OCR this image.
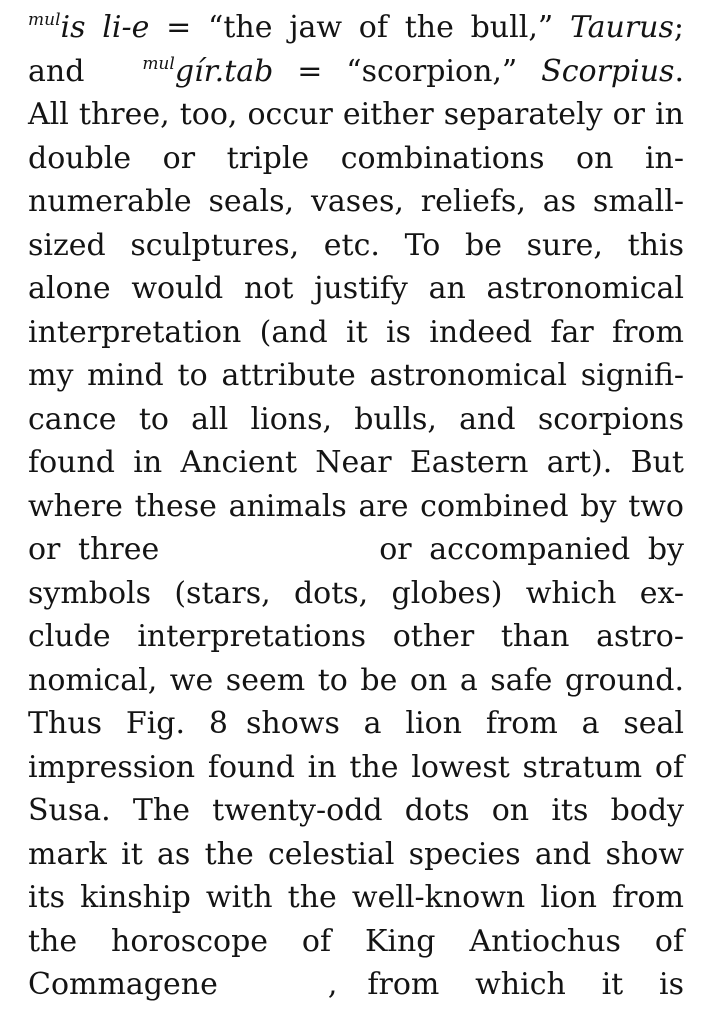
$^{mul}$is li-e = “the jaw of the bull,” Taurus;
and $^{mul}$gír.tab = “scorpion,” Scorpius.
All three, too, occur either separately or in
double or triple combinations on in-
numerable seals, vases, reliefs, as small-
sized sculptures, etc. To be sure, this
alone would not justify an astronomical
interpretation (and it is indeed far from
my mind to attribute astronomical signifi-
cance to all lions, bulls, and scorpions
found in Ancient Near Eastern art). But
where these animals are combined by two
or three	or accompanied by
symbols (stars, dots, globes) which ex-
clude interpretations other than astro-
nomical, we seem to be on a safe ground.
Thus Fig. 8 shows a lion from a seal
impression found in the lowest stratum of
Susa. The twenty-odd dots on its body
mark it as the celestial species and show
its kinship with the well-known lion from
the horoscope of King Antiochus of
Commagene	, from which it is
